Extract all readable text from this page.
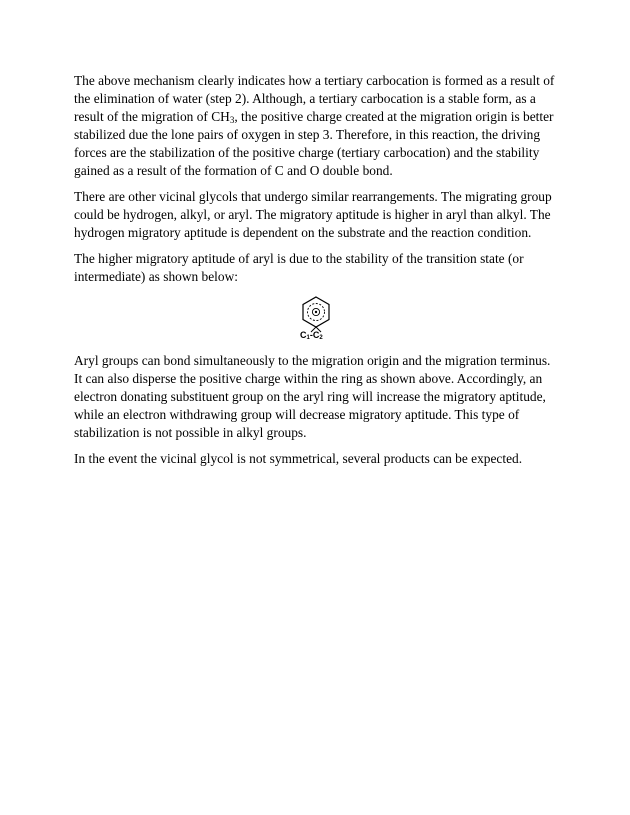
The above mechanism clearly indicates how a tertiary carbocation is formed as a result of the elimination of water (step 2). Although, a tertiary carbocation is a stable form, as a result of the migration of $CH_3$, the positive charge created at the migration origin is better stabilized due the lone pairs of oxygen in step 3. Therefore, in this reaction, the driving forces are the stabilization of the positive charge (tertiary carbocation) and the stability gained as a result of the formation of C and O double bond.

There are other vicinal glycols that undergo similar rearrangements. The migrating group could be hydrogen, alkyl, or aryl. The migratory aptitude is higher in aryl than alkyl. The hydrogen migratory aptitude is dependent on the substrate and the reaction condition.

The higher migratory aptitude of aryl is due to the stability of the transition state (or intermediate) as shown below:

$C_1-C_2$

Aryl groups can bond simultaneously to the migration origin and the migration terminus. It can also disperse the positive charge within the ring as shown above. Accordingly, an electron donating substituent group on the aryl ring will increase the migratory aptitude, while an electron withdrawing group will decrease migratory aptitude. This type of stabilization is not possible in alkyl groups.

In the event the vicinal glycol is not symmetrical, several products can be expected.
